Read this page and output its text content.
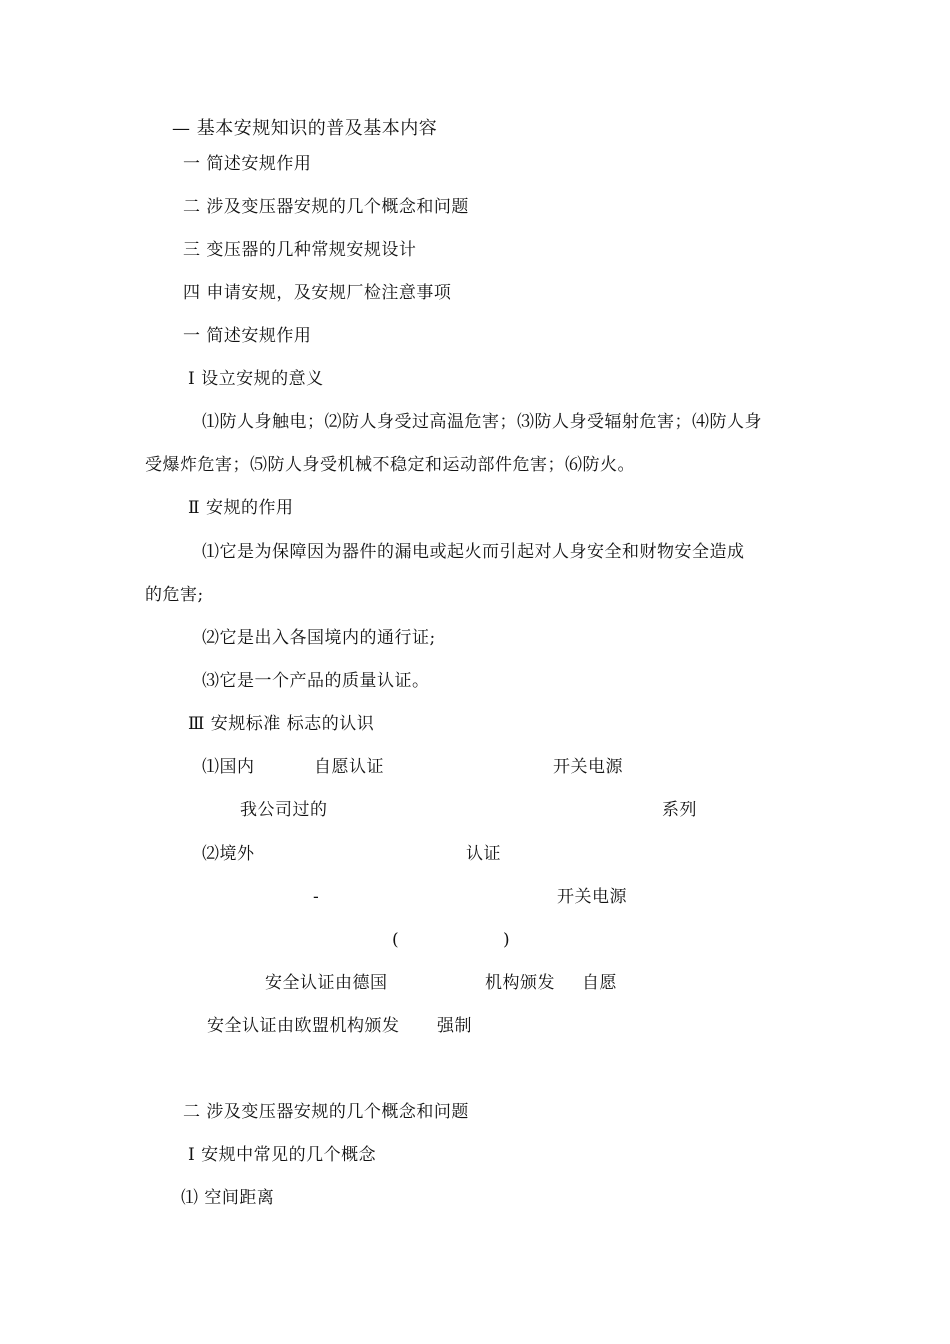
— 基本安规知识的普及基本内容
一 简述安规作用
二 涉及变压器安规的几个概念和问题
三 变压器的几种常规安规设计
四 申请安规，及安规厂检注意事项
一 简述安规作用
Ⅰ 设立安规的意义
⑴防人身触电；⑵防人身受过高温危害；⑶防人身受辐射危害；⑷防人身
受爆炸危害；⑸防人身受机械不稳定和运动部件危害；⑹防火。
Ⅱ 安规的作用
⑴它是为保障因为器件的漏电或起火而引起对人身安全和财物安全造成
的危害;
⑵它是出入各国境内的通行证;
⑶它是一个产品的质量认证。
Ⅲ 安规标准 标志的认识
⑴国内	自愿认证	开关电源
我公司过的	系列
⑵境外	认证
-	开关电源
(	)
安全认证由德国	机构颁发 自愿
安全认证由欧盟机构颁发 强制
二 涉及变压器安规的几个概念和问题
Ⅰ 安规中常见的几个概念
⑴ 空间距离
